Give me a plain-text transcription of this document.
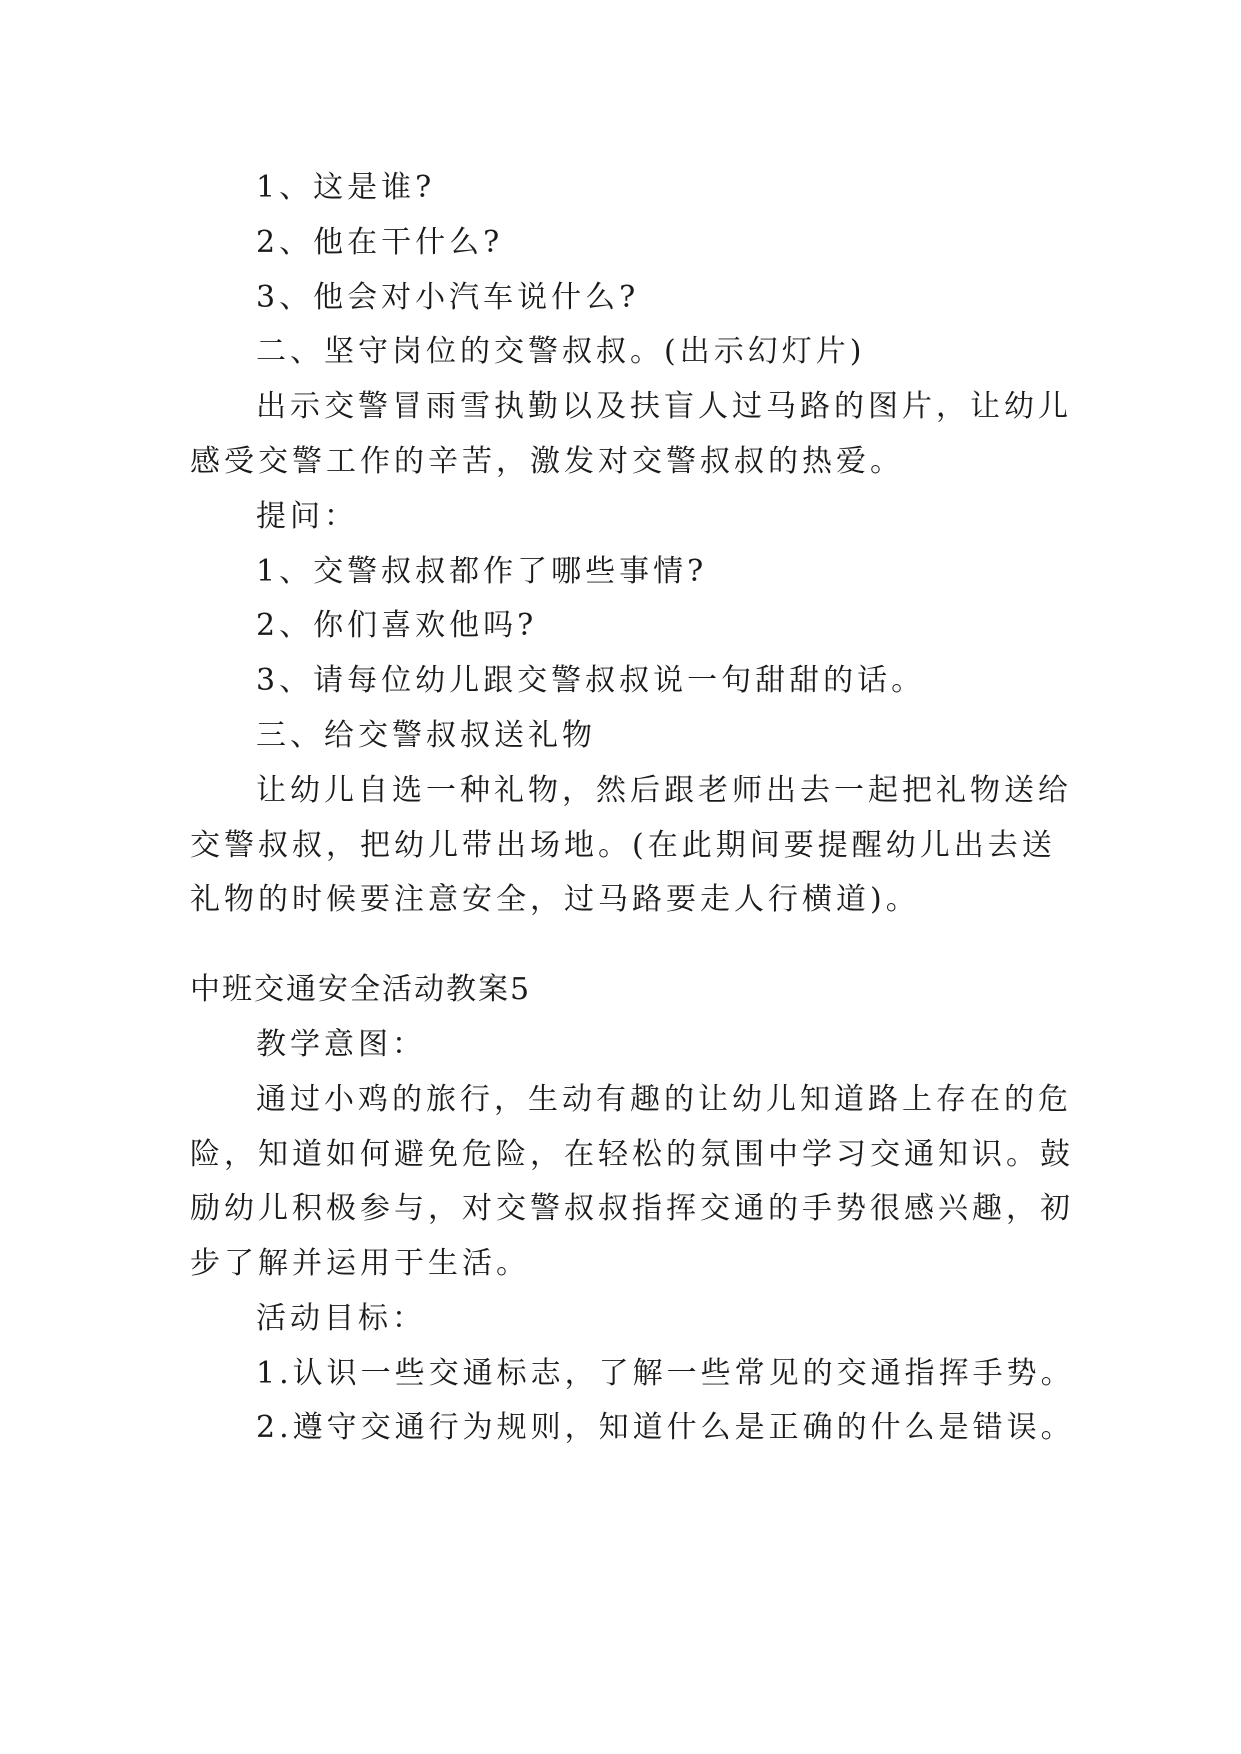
1、这是谁?
2、他在干什么?
3、他会对小汽车说什么?
二、坚守岗位的交警叔叔。(出示幻灯片)
出示交警冒雨雪执勤以及扶盲人过马路的图片，让幼儿
感受交警工作的辛苦，激发对交警叔叔的热爱。
提问：
1、交警叔叔都作了哪些事情?
2、你们喜欢他吗?
3、请每位幼儿跟交警叔叔说一句甜甜的话。
三、给交警叔叔送礼物
让幼儿自选一种礼物，然后跟老师出去一起把礼物送给
交警叔叔，把幼儿带出场地。(在此期间要提醒幼儿出去送
礼物的时候要注意安全，过马路要走人行横道)。
中班交通安全活动教案5
教学意图：
通过小鸡的旅行，生动有趣的让幼儿知道路上存在的危
险，知道如何避免危险，在轻松的氛围中学习交通知识。鼓
励幼儿积极参与，对交警叔叔指挥交通的手势很感兴趣，初
步了解并运用于生活。
活动目标：
1.认识一些交通标志，了解一些常见的交通指挥手势。
2.遵守交通行为规则，知道什么是正确的什么是错误。
